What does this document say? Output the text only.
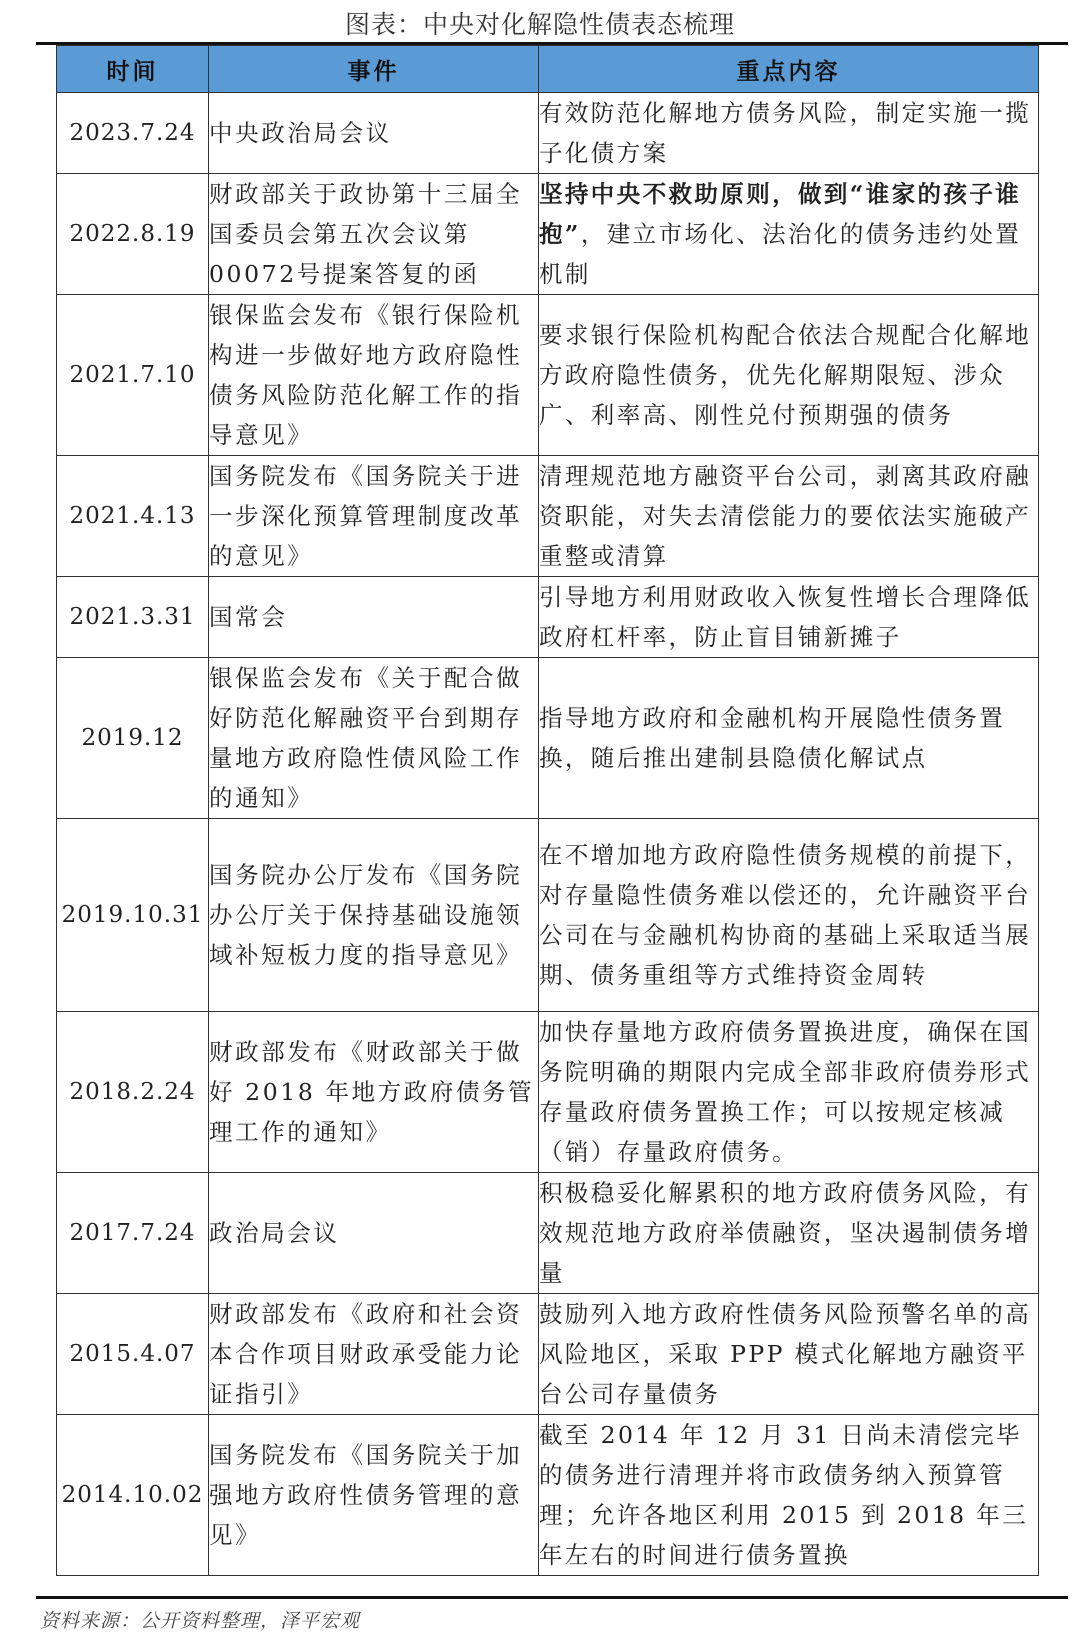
图表：中央对化解隐性债表态梳理
时间	事件	重点内容
2023.7.24	中央政治局会议	有效防范化解地方债务风险，制定实施一揽子化债方案
2022.8.19	财政部关于政协第十三届全国委员会第五次会议第00072号提案答复的函	坚持中央不救助原则，做到“谁家的孩子谁抱”，建立市场化、法治化的债务违约处置机制
2021.7.10	银保监会发布《银行保险机构进一步做好地方政府隐性债务风险防范化解工作的指导意见》	要求银行保险机构配合依法合规配合化解地方政府隐性债务，优先化解期限短、涉众广、利率高、刚性兑付预期强的债务
2021.4.13	国务院发布《国务院关于进一步深化预算管理制度改革的意见》	清理规范地方融资平台公司，剥离其政府融资职能，对失去清偿能力的要依法实施破产重整或清算
2021.3.31	国常会	引导地方利用财政收入恢复性增长合理降低政府杠杆率，防止盲目铺新摊子
2019.12	银保监会发布《关于配合做好防范化解融资平台到期存量地方政府隐性债风险工作的通知》	指导地方政府和金融机构开展隐性债务置换，随后推出建制县隐债化解试点
2019.10.31	国务院办公厅发布《国务院办公厅关于保持基础设施领域补短板力度的指导意见》	在不增加地方政府隐性债务规模的前提下，对存量隐性债务难以偿还的，允许融资平台公司在与金融机构协商的基础上采取适当展期、债务重组等方式维持资金周转
2018.2.24	财政部发布《财政部关于做好 2018 年地方政府债务管理工作的通知》	加快存量地方政府债务置换进度，确保在国务院明确的期限内完成全部非政府债券形式存量政府债务置换工作；可以按规定核减（销）存量政府债务。
2017.7.24	政治局会议	积极稳妥化解累积的地方政府债务风险，有效规范地方政府举债融资，坚决遏制债务增量
2015.4.07	财政部发布《政府和社会资本合作项目财政承受能力论证指引》	鼓励列入地方政府性债务风险预警名单的高风险地区，采取 PPP 模式化解地方融资平台公司存量债务
2014.10.02	国务院发布《国务院关于加强地方政府性债务管理的意见》	截至 2014 年 12 月 31 日尚未清偿完毕的债务进行清理并将市政债务纳入预算管理；允许各地区利用 2015 到 2018 年三年左右的时间进行债务置换
资料来源：公开资料整理，泽平宏观
